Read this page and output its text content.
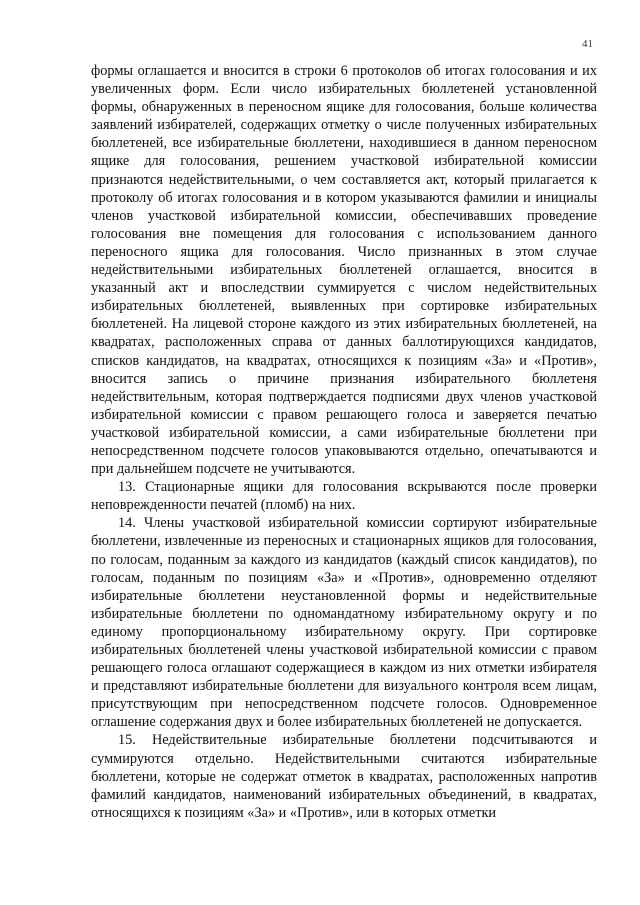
41

формы оглашается и вносится в строки 6 протоколов об итогах голосования и их увеличенных форм. Если число избирательных бюллетеней установленной формы, обнаруженных в переносном ящике для голосования, больше количества заявлений избирателей, содержащих отметку о числе полученных избирательных бюллетеней, все избирательные бюллетени, находившиеся в данном переносном ящике для голосования, решением участковой избирательной комиссии признаются недействительными, о чем составляется акт, который прилагается к протоколу об итогах голосования и в котором указываются фамилии и инициалы членов участковой избирательной комиссии, обеспечивавших проведение голосования вне помещения для голосования с использованием данного переносного ящика для голосования. Число признанных в этом случае недействительными избирательных бюллетеней оглашается, вносится в указанный акт и впоследствии суммируется с числом недействительных избирательных бюллетеней, выявленных при сортировке избирательных бюллетеней. На лицевой стороне каждого из этих избирательных бюллетеней, на квадратах, расположенных справа от данных баллотирующихся кандидатов, списков кандидатов, на квадратах, относящихся к позициям «За» и «Против», вносится запись о причине признания избирательного бюллетеня недействительным, которая подтверждается подписями двух членов участковой избирательной комиссии с правом решающего голоса и заверяется печатью участковой избирательной комиссии, а сами избирательные бюллетени при непосредственном подсчете голосов упаковываются отдельно, опечатываются и при дальнейшем подсчете не учитываются.

13. Стационарные ящики для голосования вскрываются после проверки неповрежденности печатей (пломб) на них.

14. Члены участковой избирательной комиссии сортируют избирательные бюллетени, извлеченные из переносных и стационарных ящиков для голосования, по голосам, поданным за каждого из кандидатов (каждый список кандидатов), по голосам, поданным по позициям «За» и «Против», одновременно отделяют избирательные бюллетени неустановленной формы и недействительные избирательные бюллетени по одномандатному избирательному округу и по единому пропорциональному избирательному округу. При сортировке избирательных бюллетеней члены участковой избирательной комиссии с правом решающего голоса оглашают содержащиеся в каждом из них отметки избирателя и представляют избирательные бюллетени для визуального контроля всем лицам, присутствующим при непосредственном подсчете голосов. Одновременное оглашение содержания двух и более избирательных бюллетеней не допускается.

15. Недействительные избирательные бюллетени подсчитываются и суммируются отдельно. Недействительными считаются избирательные бюллетени, которые не содержат отметок в квадратах, расположенных напротив фамилий кандидатов, наименований избирательных объединений, в квадратах, относящихся к позициям «За» и «Против», или в которых отметки
